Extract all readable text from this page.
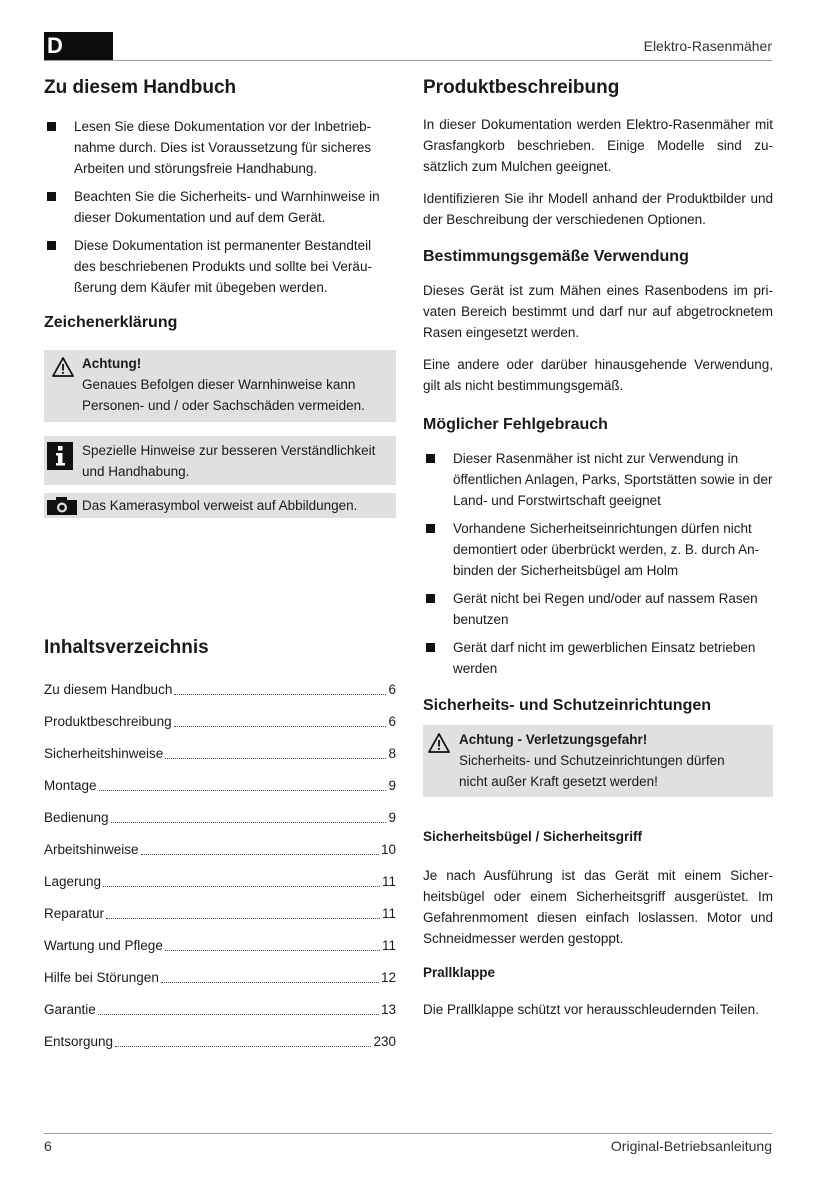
D	Elektro-Rasenmäher
Zu diesem Handbuch
Lesen Sie diese Dokumentation vor der Inbetrieb-nahme durch. Dies ist Voraussetzung für sicheres Arbeiten und störungsfreie Handhabung.
Beachten Sie die Sicherheits- und Warnhinweise in dieser Dokumentation und auf dem Gerät.
Diese Dokumentation ist permanenter Bestandteil des beschriebenen Produkts und sollte bei Veräu-ßerung dem Käufer mit übegeben werden.
Zeichenerklärung
Achtung!
Genaues Befolgen dieser Warnhinweise kann Personen- und / oder Sachschäden vermeiden.
Spezielle Hinweise zur besseren Verständlichkeit und Handhabung.
Das Kamerasymbol verweist auf Abbildungen.
Inhaltsverzeichnis
Zu diesem Handbuch	6
Produktbeschreibung	6
Sicherheitshinweise	8
Montage	9
Bedienung	9
Arbeitshinweise	10
Lagerung	11
Reparatur	11
Wartung und Pflege	11
Hilfe bei Störungen	12
Garantie	13
Entsorgung	230
Produktbeschreibung

In dieser Dokumentation werden Elektro-Rasenmäher mit Grasfangkorb beschrieben. Einige Modelle sind zu-sätzlich zum Mulchen geeignet.

Identifizieren Sie ihr Modell anhand der Produktbilder und der Beschreibung der verschiedenen Optionen.

Bestimmungsgemäße Verwendung

Dieses Gerät ist zum Mähen eines Rasenbodens im pri-vaten Bereich bestimmt und darf nur auf abgetrocknetem Rasen eingesetzt werden.

Eine andere oder darüber hinausgehende Verwendung, gilt als nicht bestimmungsgemäß.

Möglicher Fehlgebrauch
Dieser Rasenmäher ist nicht zur Verwendung in öffentlichen Anlagen, Parks, Sportstätten sowie in der Land- und Forstwirtschaft geeignet
Vorhandene Sicherheitseinrichtungen dürfen nicht demontiert oder überbrückt werden, z. B. durch An-binden der Sicherheitsbügel am Holm
Gerät nicht bei Regen und/oder auf nassem Rasen benutzen
Gerät darf nicht im gewerblichen Einsatz betrieben werden
Sicherheits- und Schutzeinrichtungen
Achtung - Verletzungsgefahr!
Sicherheits- und Schutzeinrichtungen dürfen nicht außer Kraft gesetzt werden!
Sicherheitsbügel / Sicherheitsgriff

Je nach Ausführung ist das Gerät mit einem Sicher-heitsbügel oder einem Sicherheitsgriff ausgerüstet. Im Gefahrenmoment diesen einfach loslassen. Motor und Schneidmesser werden gestoppt.

Prallklappe

Die Prallklappe schützt vor herausschleudernden Teilen.

6	Original-Betriebsanleitung
